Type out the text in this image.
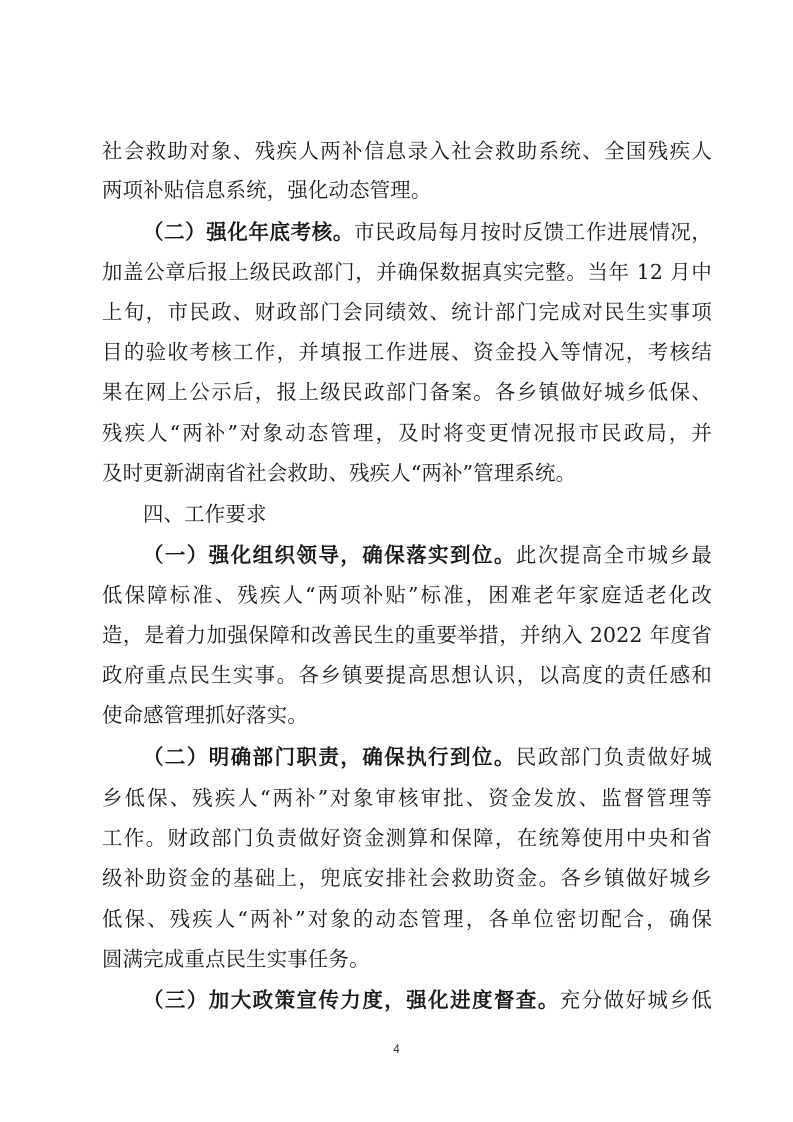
社会救助对象、残疾人两补信息录入社会救助系统、全国残疾人
两项补贴信息系统，强化动态管理。
（二）强化年底考核。市民政局每月按时反馈工作进展情况，
加盖公章后报上级民政部门，并确保数据真实完整。当年 12 月中
上旬，市民政、财政部门会同绩效、统计部门完成对民生实事项
目的验收考核工作，并填报工作进展、资金投入等情况，考核结
果在网上公示后，报上级民政部门备案。各乡镇做好城乡低保、
残疾人“两补”对象动态管理，及时将变更情况报市民政局，并
及时更新湖南省社会救助、残疾人“两补”管理系统。
四、工作要求
（一）强化组织领导，确保落实到位。此次提高全市城乡最
低保障标准、残疾人“两项补贴”标准，困难老年家庭适老化改
造，是着力加强保障和改善民生的重要举措，并纳入 2022 年度省
政府重点民生实事。各乡镇要提高思想认识，以高度的责任感和
使命感管理抓好落实。
（二）明确部门职责，确保执行到位。民政部门负责做好城
乡低保、残疾人“两补”对象审核审批、资金发放、监督管理等
工作。财政部门负责做好资金测算和保障，在统筹使用中央和省
级补助资金的基础上，兜底安排社会救助资金。各乡镇做好城乡
低保、残疾人“两补”对象的动态管理，各单位密切配合，确保
圆满完成重点民生实事任务。
（三）加大政策宣传力度，强化进度督查。充分做好城乡低
4
